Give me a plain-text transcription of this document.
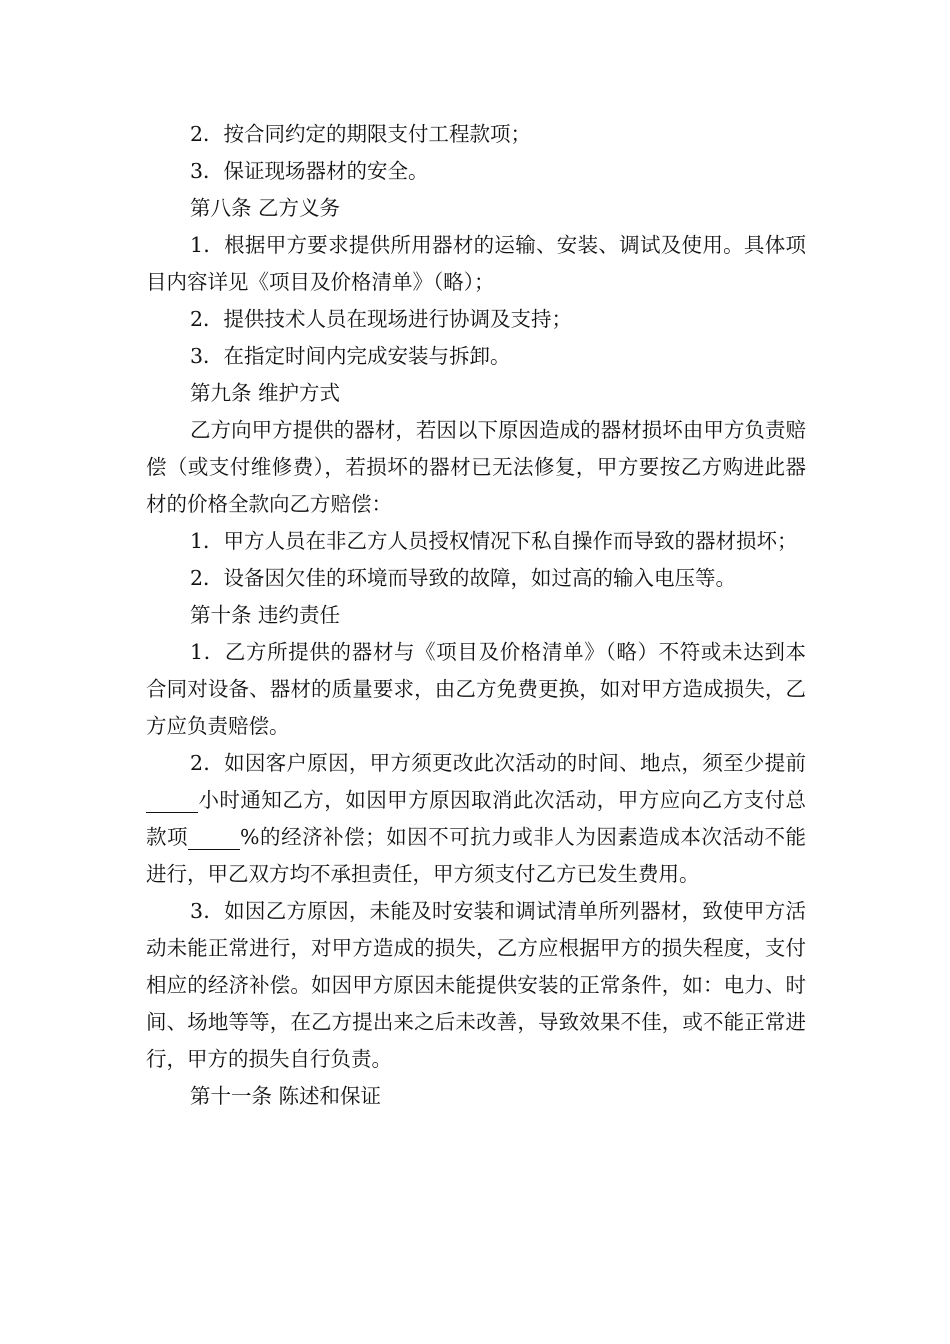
2．按合同约定的期限支付工程款项；

3．保证现场器材的安全。

第八条 乙方义务

1．根据甲方要求提供所用器材的运输、安装、调试及使用。具体项目内容详见《项目及价格清单》（略）；

2．提供技术人员在现场进行协调及支持；

3．在指定时间内完成安装与拆卸。

第九条 维护方式

乙方向甲方提供的器材，若因以下原因造成的器材损坏由甲方负责赔偿（或支付维修费），若损坏的器材已无法修复，甲方要按乙方购进此器材的价格全款向乙方赔偿：

1．甲方人员在非乙方人员授权情况下私自操作而导致的器材损坏；

2．设备因欠佳的环境而导致的故障，如过高的输入电压等。

第十条 违约责任

1．乙方所提供的器材与《项目及价格清单》（略）不符或未达到本合同对设备、器材的质量要求，由乙方免费更换，如对甲方造成损失，乙方应负责赔偿。

2．如因客户原因，甲方须更改此次活动的时间、地点，须至少提前小时通知乙方，如因甲方原因取消此次活动，甲方应向乙方支付总款项	%的经济补偿；如因不可抗力或非人为因素造成本次活动不能进行，甲乙双方均不承担责任，甲方须支付乙方已发生费用。

3．如因乙方原因，未能及时安装和调试清单所列器材，致使甲方活动未能正常进行，对甲方造成的损失，乙方应根据甲方的损失程度，支付相应的经济补偿。如因甲方原因未能提供安装的正常条件，如：电力、时间、场地等等，在乙方提出来之后未改善，导致效果不佳，或不能正常进行，甲方的损失自行负责。

第十一条 陈述和保证
